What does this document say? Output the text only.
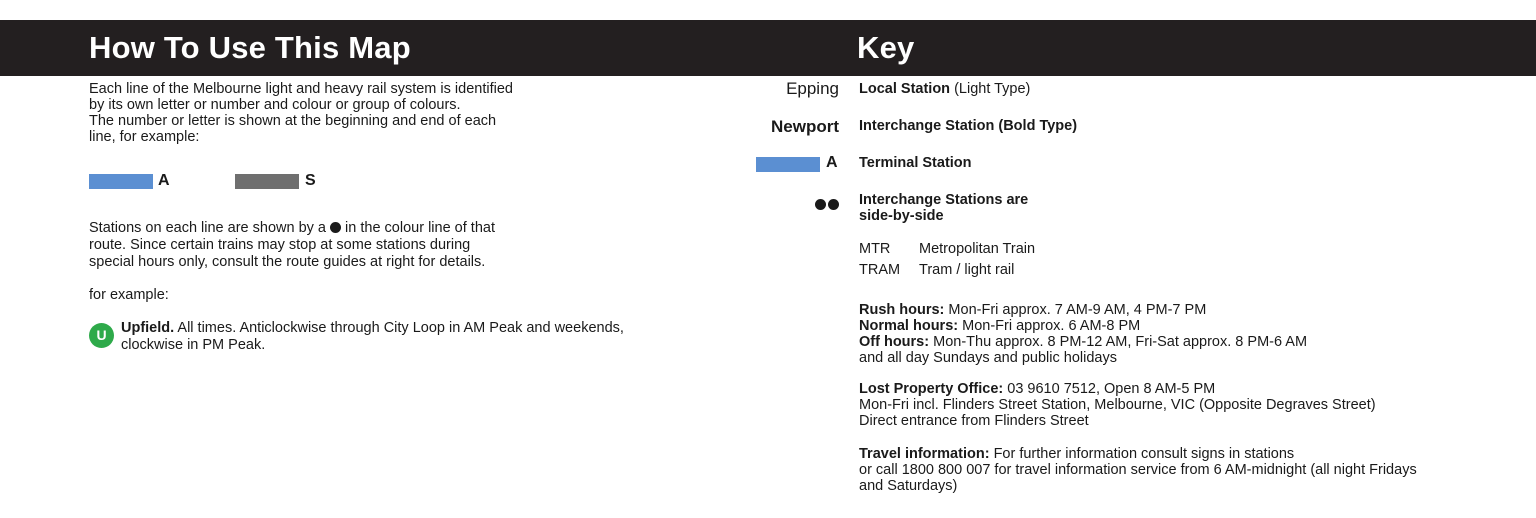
How To Use This Map	Key
Each line of the Melbourne light and heavy rail system is identified
by its own letter or number and colour or group of colours.
The number or letter is shown at the beginning and end of each
line, for example:
A	S
Stations on each line are shown by a in the colour line of that
route. Since certain trains may stop at some stations during
special hours only, consult the route guides at right for details.
for example:
U Upfield. All times. Anticlockwise through City Loop in AM Peak and weekends,
clockwise in PM Peak.
Epping Local Station (Light Type)
Newport Interchange Station (Bold Type)
A Terminal Station
Interchange Stations are
side-by-side
MTR Metropolitan Train
TRAM Tram / light rail
Rush hours: Mon-Fri approx. 7 AM-9 AM, 4 PM-7 PM
Normal hours: Mon-Fri approx. 6 AM-8 PM
Off hours: Mon-Thu approx. 8 PM-12 AM, Fri-Sat approx. 8 PM-6 AM
and all day Sundays and public holidays
Lost Property Office: 03 9610 7512, Open 8 AM-5 PM
Mon-Fri incl. Flinders Street Station, Melbourne, VIC (Opposite Degraves Street)
Direct entrance from Flinders Street
Travel information: For further information consult signs in stations
or call 1800 800 007 for travel information service from 6 AM-midnight (all night Fridays
and Saturdays)
